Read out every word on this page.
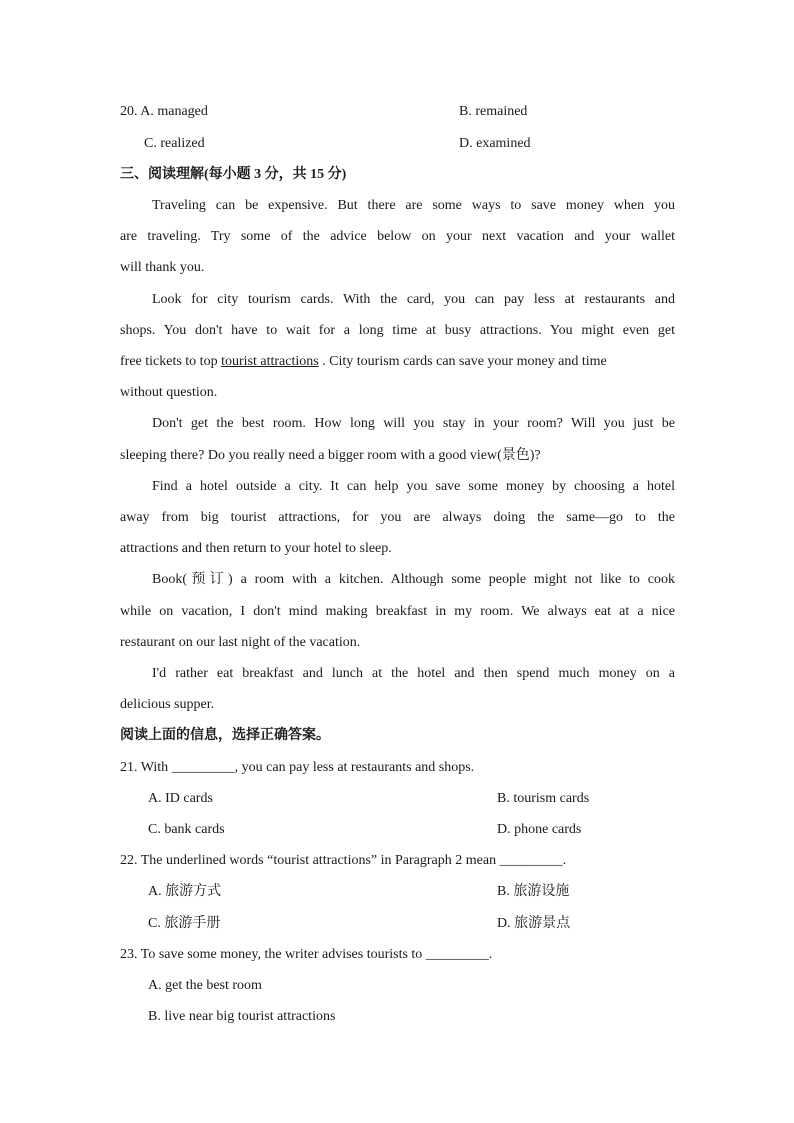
20. A. managed	B. remained
C. realized	D. examined
三、阅读理解(每小题 3 分，共 15 分)
Traveling can be expensive. But there are some ways to save money when you
are traveling. Try some of the advice below on your next vacation and your wallet
will thank you.
Look for city tourism cards. With the card, you can pay less at restaurants and
shops. You don't have to wait for a long time at busy attractions. You might even get
free tickets to top tourist attractions . City tourism cards can save your money and time
without question.
Don't get the best room. How long will you stay in your room? Will you just be
sleeping there? Do you really need a bigger room with a good view(景色)?
Find a hotel outside a city. It can help you save some money by choosing a hotel
away from big tourist attractions, for you are always doing the same—go to the
attractions and then return to your hotel to sleep.
Book(预订) a room with a kitchen. Although some people might not like to cook
while on vacation, I don't mind making breakfast in my room. We always eat at a nice
restaurant on our last night of the vacation.
I'd rather eat breakfast and lunch at the hotel and then spend much money on a
delicious supper.
阅读上面的信息，选择正确答案。
21. With _________, you can pay less at restaurants and shops.
A. ID cards	B. tourism cards
C. bank cards	D. phone cards
22. The underlined words “tourist attractions” in Paragraph 2 mean _________.
A. 旅游方式	B. 旅游设施
C. 旅游手册	D. 旅游景点
23. To save some money, the writer advises tourists to _________.
A. get the best room
B. live near big tourist attractions
